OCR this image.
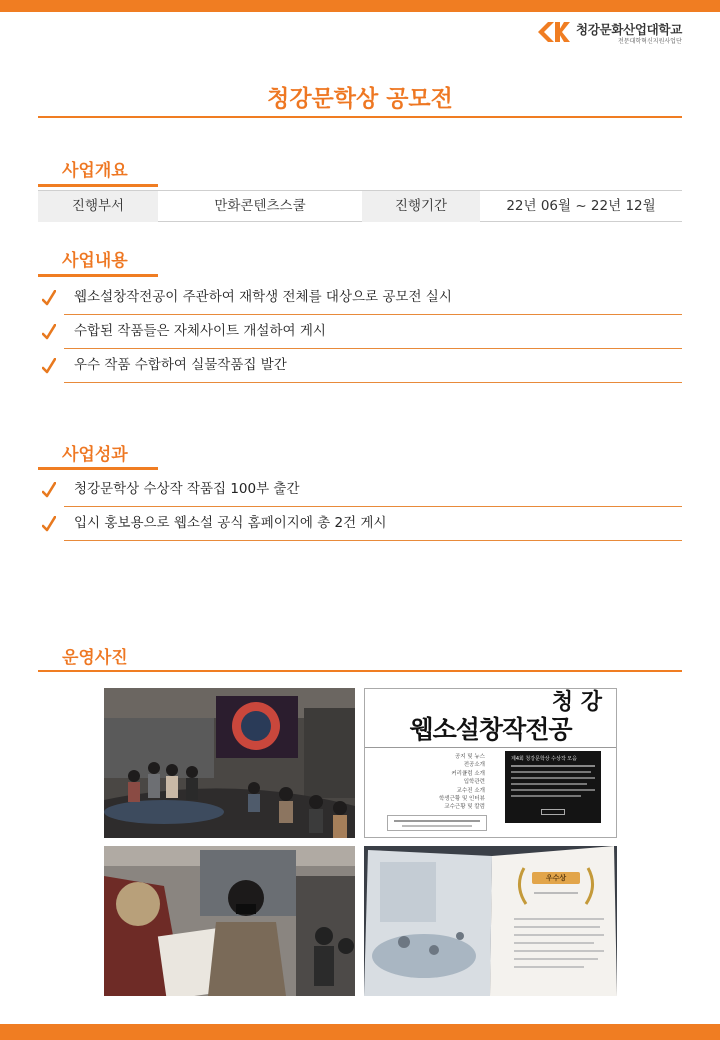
청강문화산업대학교
전문대학혁신지원사업단
청강문학상 공모전
사업개요
진행부서	만화콘텐츠스쿨	진행기간	22년 06월 ~ 22년 12월
사업내용
웹소설창작전공이 주관하여 재학생 전체를 대상으로 공모전 실시
수합된 작품들은 자체사이트 개설하여 게시
우수 작품 수합하여 실물작품집 발간
사업성과
청강문학상 수상작 작품집 100부 출간
입시 홍보용으로 웹소설 공식 홈페이지에 총 2건 게시
운영사진
청 강
웹소설창작전공
공지 및 뉴스
전공소개
커리큘럼 소개
입학관련
교수진 소개
학생근황 및 인터뷰
교수근황 및 칼럼
제4회 청강문학상 수상작 모음
우수상
